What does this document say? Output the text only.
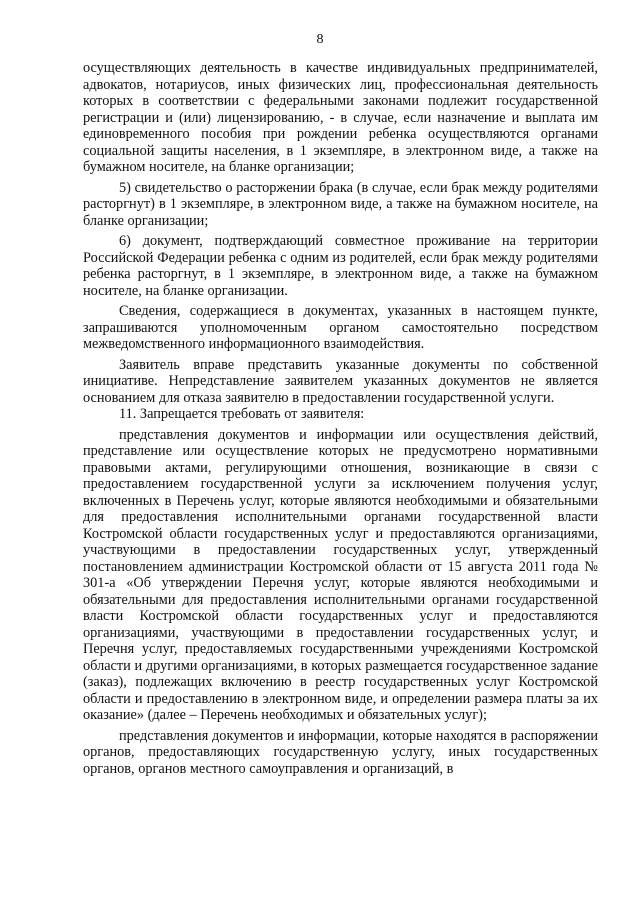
8

осуществляющих деятельность в качестве индивидуальных предпринимателей, адвокатов, нотариусов, иных физических лиц, профессиональная деятельность которых в соответствии с федеральными законами подлежит государственной регистрации и (или) лицензированию, - в случае, если назначение и выплата им единовременного пособия при рождении ребенка осуществляются органами социальной защиты населения, в 1 экземпляре, в электронном виде, а также на бумажном носителе, на бланке организации;

5) свидетельство о расторжении брака (в случае, если брак между родителями расторгнут) в 1 экземпляре, в электронном виде, а также на бумажном носителе, на бланке организации;

6) документ, подтверждающий совместное проживание на территории Российской Федерации ребенка с одним из родителей, если брак между родителями ребенка расторгнут, в 1 экземпляре, в электронном виде, а также на бумажном носителе, на бланке организации.

Сведения, содержащиеся в документах, указанных в настоящем пункте, запрашиваются уполномоченным органом самостоятельно посредством межведомственного информационного взаимодействия.

Заявитель вправе представить указанные документы по собственной инициативе. Непредставление заявителем указанных документов не является основанием для отказа заявителю в предоставлении государственной услуги.

11. Запрещается требовать от заявителя:

представления документов и информации или осуществления действий, представление или осуществление которых не предусмотрено нормативными правовыми актами, регулирующими отношения, возникающие в связи с предоставлением государственной услуги за исключением получения услуг, включенных в Перечень услуг, которые являются необходимыми и обязательными для предоставления исполнительными органами государственной власти Костромской области государственных услуг и предоставляются организациями, участвующими в предоставлении государственных услуг, утвержденный постановлением администрации Костромской области от 15 августа 2011 года № 301-а «Об утверждении Перечня услуг, которые являются необходимыми и обязательными для предоставления исполнительными органами государственной власти Костромской области государственных услуг и предоставляются организациями, участвующими в предоставлении государственных услуг, и Перечня услуг, предоставляемых государственными учреждениями Костромской области и другими организациями, в которых размещается государственное задание (заказ), подлежащих включению в реестр государственных услуг Костромской области и предоставлению в электронном виде, и определении размера платы за их оказание» (далее – Перечень необходимых и обязательных услуг);

представления документов и информации, которые находятся в распоряжении органов, предоставляющих государственную услугу, иных государственных органов, органов местного самоуправления и организаций, в
